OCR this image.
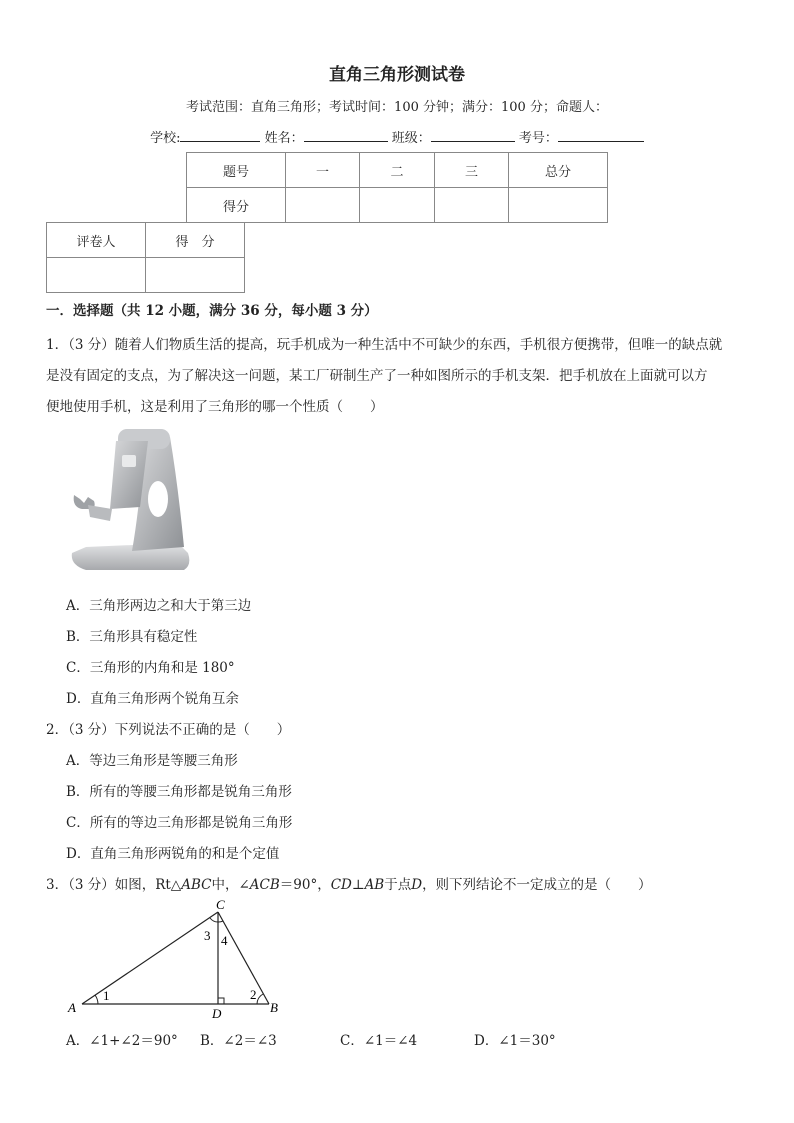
直角三角形测试卷
考试范围：直角三角形；考试时间：100 分钟；满分：100 分；命题人：
学校:	姓名：	班级：	考号：
题号	一	二	三	总分
得分				
评卷人	得　分

一．选择题（共 12 小题，满分 36 分，每小题 3 分）
1．（3 分）随着人们物质生活的提高，玩手机成为一种生活中不可缺少的东西，手机很方便携带，但唯一的缺点就
是没有固定的支点，为了解决这一问题，某工厂研制生产了一种如图所示的手机支架．把手机放在上面就可以方
便地使用手机，这是利用了三角形的哪一个性质（　　）
A．三角形两边之和大于第三边
B．三角形具有稳定性
C．三角形的内角和是 180°
D．直角三角形两个锐角互余
2．（3 分）下列说法不正确的是（　　）
A．等边三角形是等腰三角形
B．所有的等腰三角形都是锐角三角形
C．所有的等边三角形都是锐角三角形
D．直角三角形两锐角的和是个定值
3．（3 分）如图，Rt△ABC中，∠ACB＝90°，CD⊥AB于点D，则下列结论不一定成立的是（　　）
A	B
C
D
1	2
3 4
A．∠1+∠2＝90° B．∠2＝∠3	C．∠1＝∠4	D．∠1＝30°
